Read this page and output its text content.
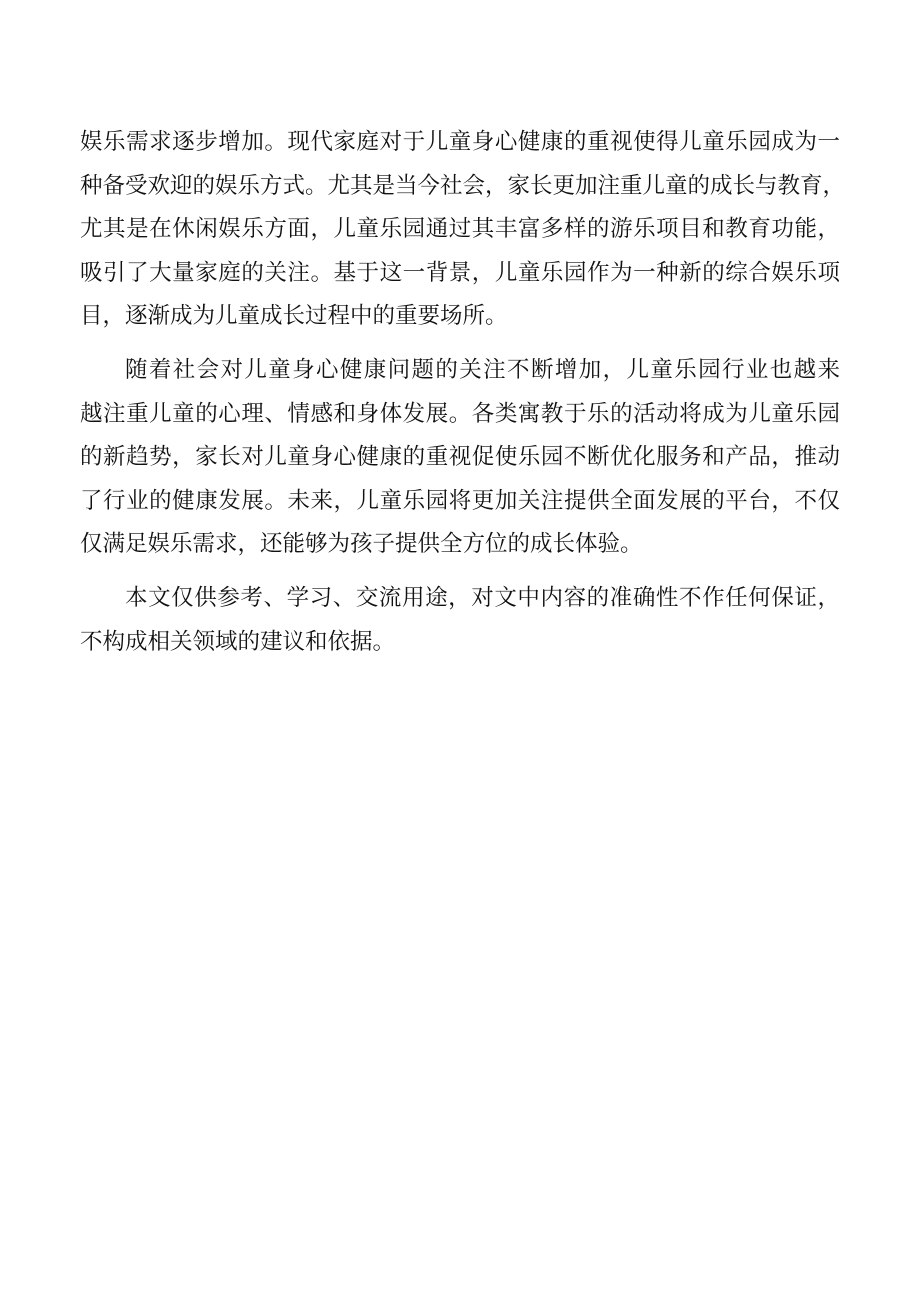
娱乐需求逐步增加。现代家庭对于儿童身心健康的重视使得儿童乐园成为一
种备受欢迎的娱乐方式。尤其是当今社会，家长更加注重儿童的成长与教育，
尤其是在休闲娱乐方面，儿童乐园通过其丰富多样的游乐项目和教育功能，
吸引了大量家庭的关注。基于这一背景，儿童乐园作为一种新的综合娱乐项
目，逐渐成为儿童成长过程中的重要场所。

随着社会对儿童身心健康问题的关注不断增加，儿童乐园行业也越来
越注重儿童的心理、情感和身体发展。各类寓教于乐的活动将成为儿童乐园
的新趋势，家长对儿童身心健康的重视促使乐园不断优化服务和产品，推动
了行业的健康发展。未来，儿童乐园将更加关注提供全面发展的平台，不仅
仅满足娱乐需求，还能够为孩子提供全方位的成长体验。

本文仅供参考、学习、交流用途，对文中内容的准确性不作任何保证，
不构成相关领域的建议和依据。
